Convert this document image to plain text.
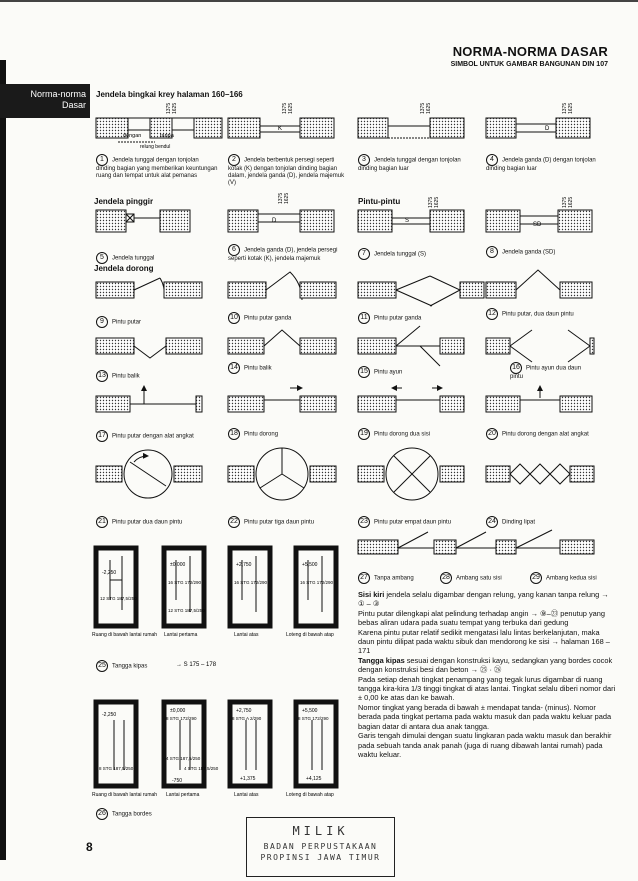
NORMA-NORMA DASAR
SIMBOL UNTUK GAMBAR BANGUNAN DIN 107
Norma-norma
Dasar
Jendela bingkai krey halaman 160–166
Jendela pinggir
Jendela dorong
Pintu-pintu
dengan	tanpa
relung bendul
K	D
1375 1625	1375 1625	1375 1625	1375 1625
D	S
SD
1375 1625	1375 1625	1375 1625
-2,250
±0,000	+2,750	+5,500
12 STG 187,5/250
16 STG 172/290
12 STG 187,5/250
16 STG 172/290	16 STG 172/290
Ruang di bawah lantai rumah Lantai pertama	Lantai atas	Loteng di bawah atap
→ S 175 – 178
-2,250
±0,000	+2,750	+5,500
-750	+1,375	+4,125
8 STG 187,5/250
8 STG 172/290
4 STG 187,5/250
4 STG 187,5/250
8 STG A 2/290	8 STG 172/290
Ruang di bawah lantai rumah Lantai pertama	Lantai atas	Loteng di bawah atap
1 Jendela tunggal dengan tonjolan dinding bagian yang memberikan keuntungan ruang dan tempat untuk alat pemanas
2 Jendela berbentuk persegi seperti kotak (K) dengan tonjolan dinding bagian dalam, jendela ganda (D), jendela majemuk (V)
3 Jendela tunggal dengan tonjolan dinding bagian luar
4 Jendela ganda (D) dengan tonjolan dinding bagian luar
5 Jendela tunggal
6 Jendela ganda (D), jendela persegi seperti kotak (K), jendela majemuk
7 Jendela tunggal (S)	8 Jendela ganda (SD)
9 Pintu putar
10 Pintu putar ganda	11 Pintu putar ganda
12 Pintu putar, dua daun pintu
13 Pintu balik
14 Pintu balik	15 Pintu ayun
16 Pintu ayun dua daun pintu
17 Pintu putar dengan alat angkat	18 Pintu dorong	19 Pintu dorong dua sisi	20 Pintu dorong dengan alat angkat
21 Pintu putar dua daun pintu	22 Pintu putar tiga daun pintu	23 Pintu putar empat daun pintu	24 Dinding lipat
25 Tangga kipas
26 Tangga bordes
27 Tanpa ambang	28 Ambang satu sisi	29 Ambang kedua sisi
Sisi kiri jendela selalu digambar dengan relung, yang kanan tanpa relung → ① – ③
Pintu putar dilengkapi alat pelindung terhadap angin → ⑨–㉓ penutup yang bebas aliran udara pada suatu tempat yang terbuka dari gedung
Karena pintu putar relatif sedikit mengatasi lalu lintas berkelanjutan, maka daun pintu dilipat pada waktu sibuk dan mendorong ke sisi → halaman 168 – 171
Tangga kipas sesuai dengan konstruksi kayu, sedangkan yang bordes cocok dengan konstruksi besi dan beton → ㉕ · ㉖
Pada setiap denah tingkat penampang yang tegak lurus digambar di ruang tangga kira-kira 1/3 tinggi tingkat di atas lantai. Tingkat selalu diberi nomor dari ± 0,00 ke atas dan ke bawah.
Nomor tingkat yang berada di bawah ± mendapat tanda- (minus). Nomor berada pada tingkat pertama pada waktu masuk dan pada waktu keluar pada bagian datar di antara dua anak tangga.
Garis tengah dimulai dengan suatu lingkaran pada waktu masuk dan berakhir pada sebuah tanda anak panah (juga di ruang dibawah lantai rumah) pada waktu keluar.
MILIK
BADAN PERPUSTAKAAN
PROPINSI JAWA TIMUR
8
